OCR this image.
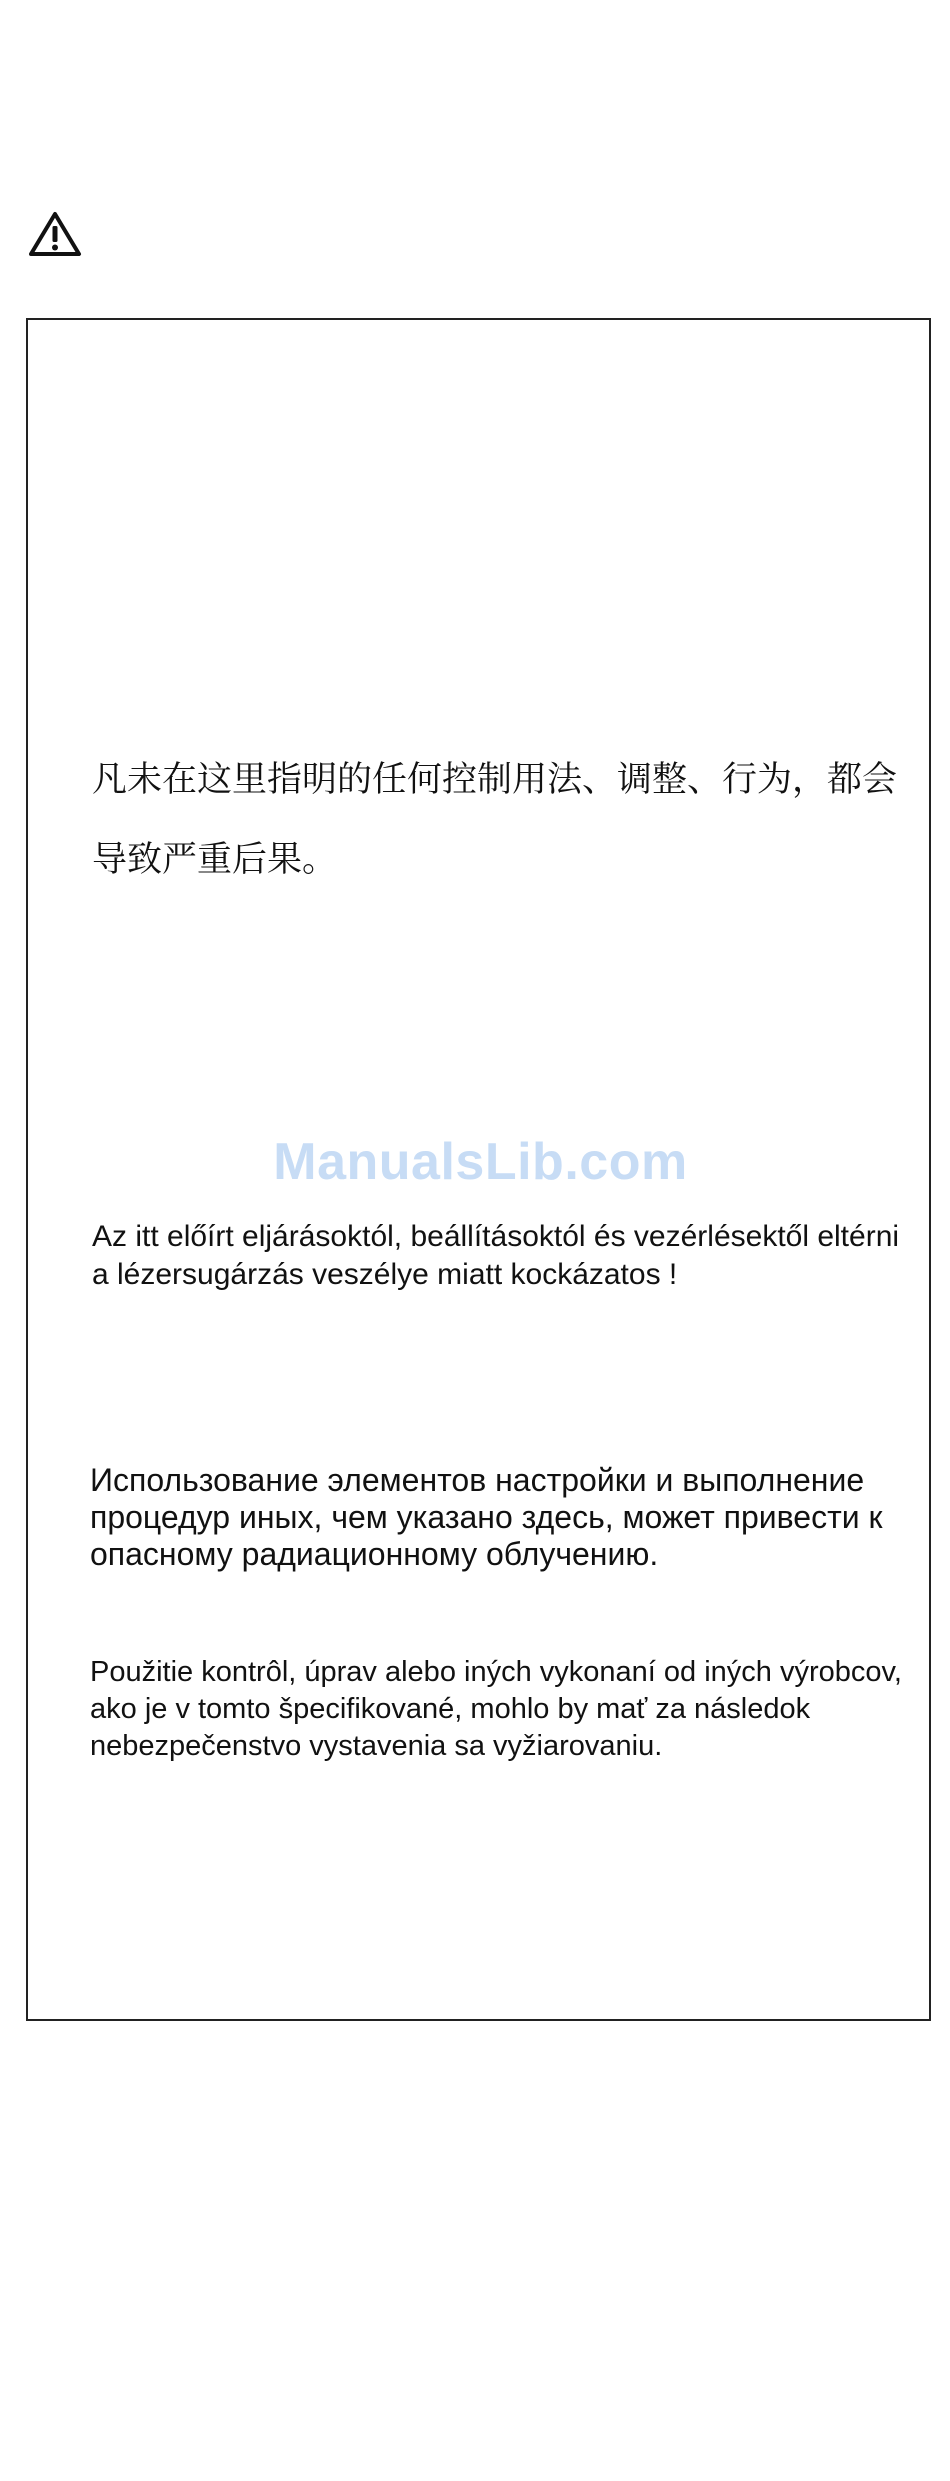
凡未在这里指明的任何控制用法、调整、行为，都会导致严重后果。

ManualsLib.com

Az itt előírt eljárásoktól, beállításoktól és vezérlésektől eltérni a lézersugárzás veszélye miatt kockázatos !

Использование элементов настройки и выполнение процедур иных, чем указано здесь, может привести к опасному радиационному облучению.

Použitie kontrôl, úprav alebo iných vykonaní od iných výrobcov, ako je v tomto špecifikované, mohlo by mať za následok nebezpečenstvo vystavenia sa vyžiarovaniu.
